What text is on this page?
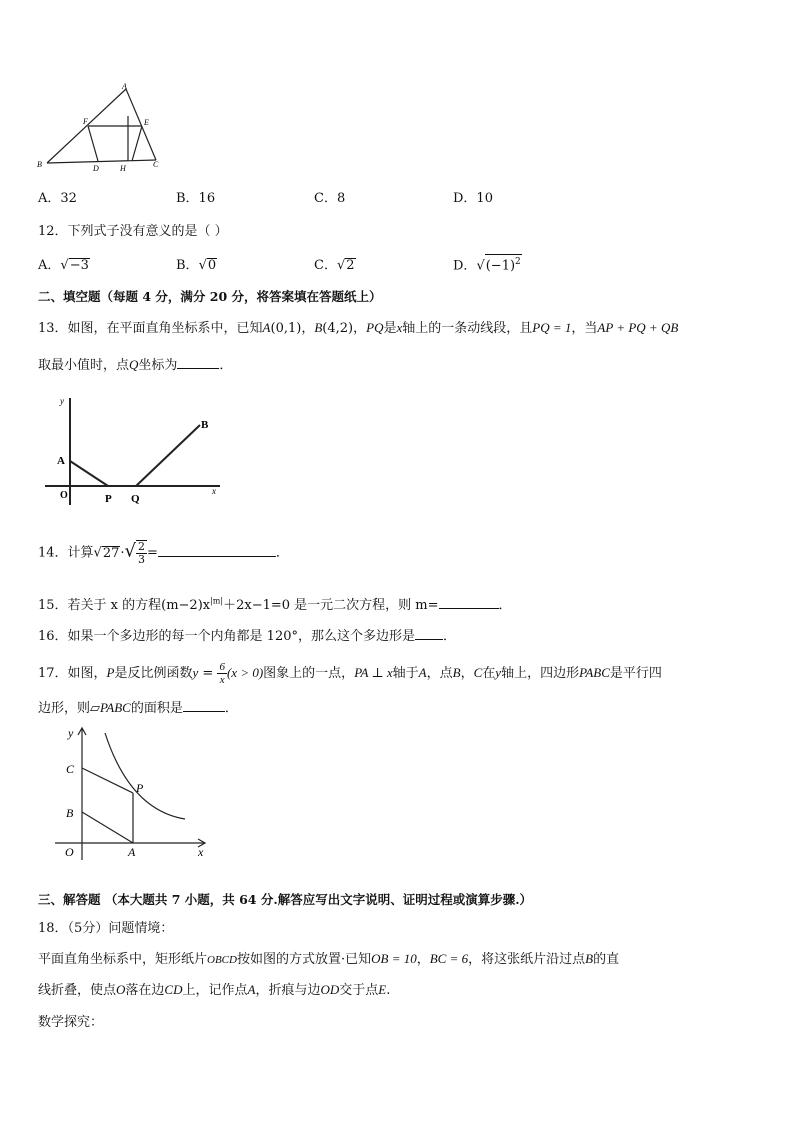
A
F	E
B	D	H	C
A．32	B．16	C．8	D．10
12．下列式子没有意义的是（ ）
A．√−3	B．√0	C．√2	D．$√(-1)^2$
二、填空题（每题 4 分，满分 20 分，将答案填在答题纸上）
13．如图，在平面直角坐标系中，已知A(0,1)，B(4,2)，PQ是x轴上的一条动线段，且PQ = 1，当AP + PQ + QB
取最小值时，点Q坐标为	．
y
A
B
O	P Q
x
14．计算$√27\cdot√ \frac{2}{3}$ =	．
15．若关于 x 的方程$(m-2)x^{|m|}+2x-1=0$ 是一元二次方程，则 m=	．
16．如果一个多边形的每一个内角都是 120°，那么这个多边形是 ．
17．如图，P是反比例函数$y = \frac{6}{x} (x > 0)$图象上的一点，PA ⊥ x轴于A，点B，C在y轴上，四边形PABC是平行四
边形，则▱PABC的面积是	．
y
C
P
B
O	A	x
三、解答题 （本大题共 7 小题，共 64 分.解答应写出文字说明、证明过程或演算步骤.）
18．（5分）问题情境：
平面直角坐标系中，矩形纸片OBCD按如图的方式放置·已知OB = 10，BC = 6，将这张纸片沿过点B的直
线折叠，使点O落在边CD上，记作点A，折痕与边OD交于点E.
数学探究：
